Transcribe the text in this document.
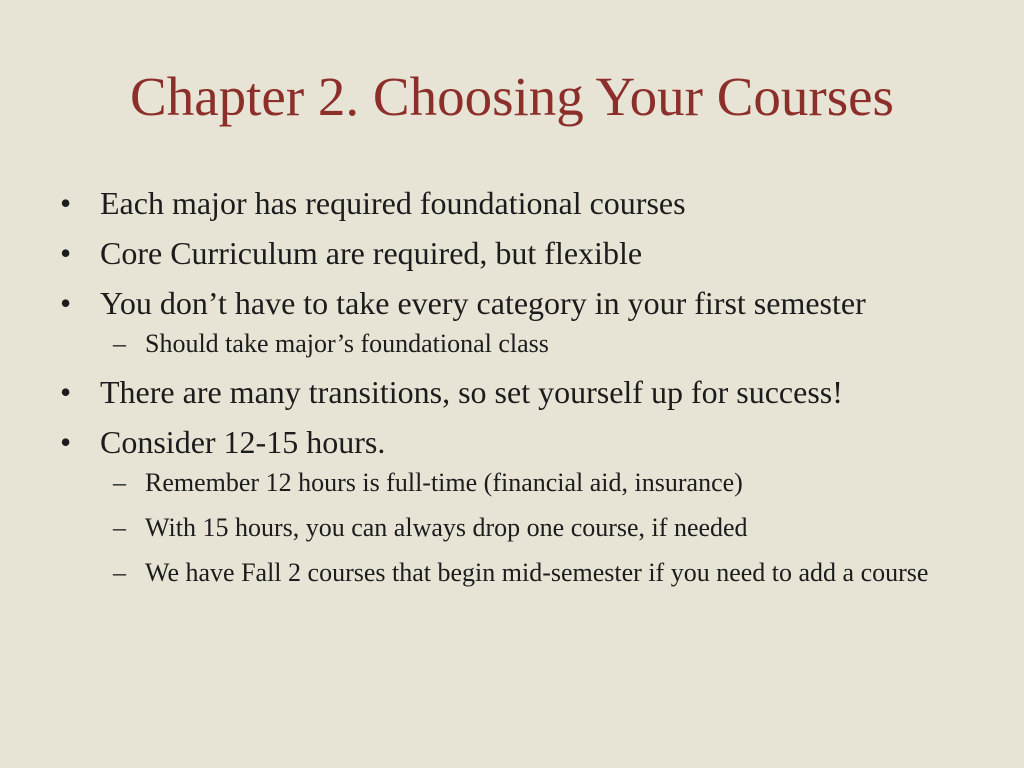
Chapter 2. Choosing Your Courses
• Each major has required foundational courses
• Core Curriculum are required, but flexible
• You don’t have to take every category in your first semester
– Should take major’s foundational class
• There are many transitions, so set yourself up for success!
• Consider 12-15 hours.
– Remember 12 hours is full-time (financial aid, insurance)
– With 15 hours, you can always drop one course, if needed
– We have Fall 2 courses that begin mid-semester if you need to add a course
